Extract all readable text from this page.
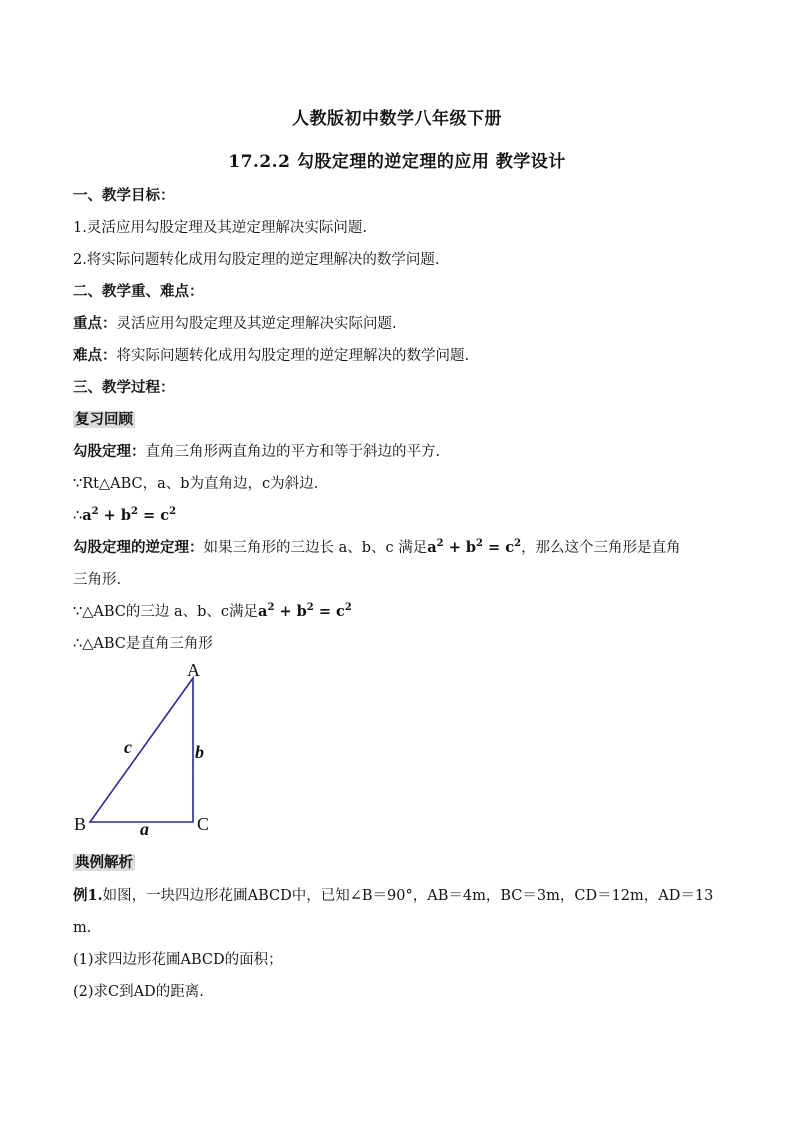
人教版初中数学八年级下册
17.2.2 勾股定理的逆定理的应用 教学设计
一、教学目标：
1.灵活应用勾股定理及其逆定理解决实际问题.
2.将实际问题转化成用勾股定理的逆定理解决的数学问题.
二、教学重、难点：
重点：灵活应用勾股定理及其逆定理解决实际问题.
难点：将实际问题转化成用勾股定理的逆定理解决的数学问题.
三、教学过程：
复习回顾
勾股定理：直角三角形两直角边的平方和等于斜边的平方.
∵Rt△ABC，a、b为直角边，c为斜边.
$\therefore a^2 + b^2 = c^2$
勾股定理的逆定理：如果三角形的三边长 a、b、c 满足$a^2 + b^2 = c^2$，那么这个三角形是直角
三角形.
∵△ABC的三边 a、b、c满足$a^2 + b^2 = c^2$
∴△ABC是直角三角形
A
B	C
a
b
c
典例解析
例1.如图，一块四边形花圃ABCD中，已知∠B＝90°，AB＝4m，BC＝3m，CD＝12m，AD＝13
m.
(1)求四边形花圃ABCD的面积；
(2)求C到AD的距离.
